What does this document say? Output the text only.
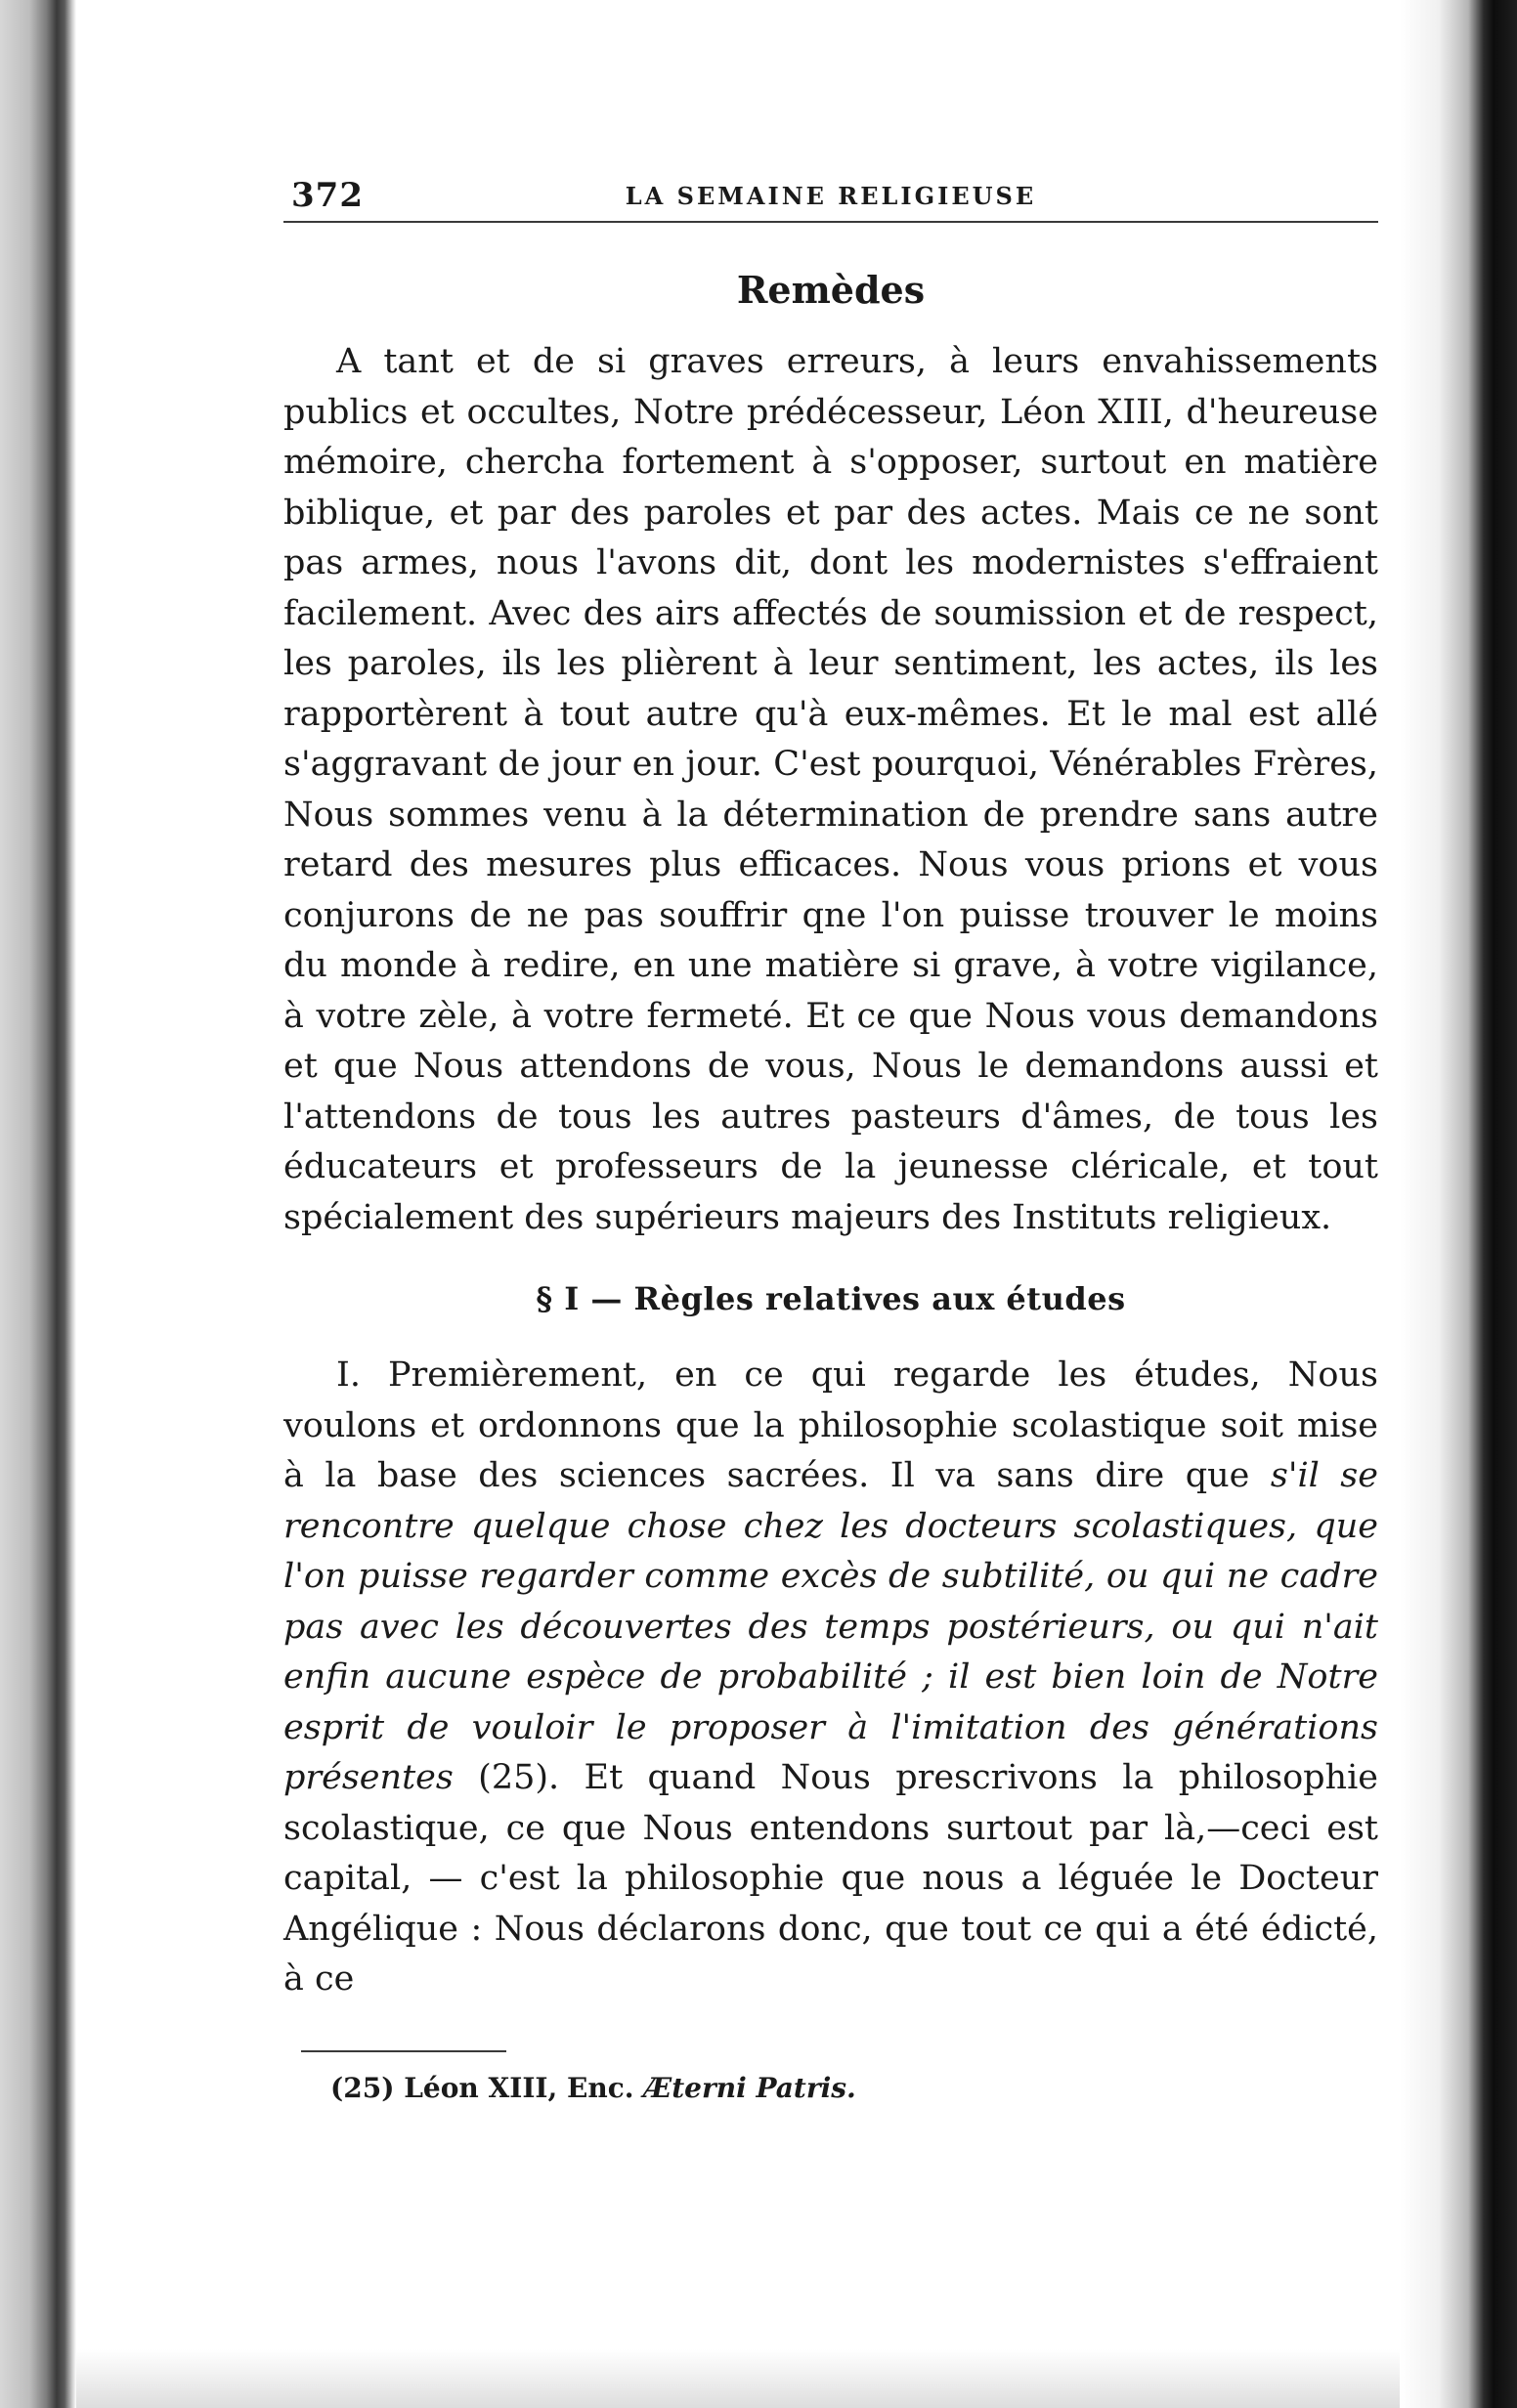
372	LA SEMAINE RELIGIEUSE
Remèdes

A tant et de si graves erreurs, à leurs envahissements publics et occultes, Notre prédécesseur, Léon XIII, d'heureuse mémoire, chercha fortement à s'opposer, surtout en matière biblique, et par des paroles et par des actes. Mais ce ne sont pas armes, nous l'avons dit, dont les modernistes s'effraient facilement. Avec des airs affectés de soumission et de respect, les paroles, ils les plièrent à leur sentiment, les actes, ils les rapportèrent à tout autre qu'à eux-mêmes. Et le mal est allé s'aggravant de jour en jour. C'est pourquoi, Vénérables Frères, Nous sommes venu à la détermination de prendre sans autre retard des mesures plus efficaces. Nous vous prions et vous conjurons de ne pas souffrir qne l'on puisse trouver le moins du monde à redire, en une matière si grave, à votre vigilance, à votre zèle, à votre fermeté. Et ce que Nous vous demandons et que Nous attendons de vous, Nous le demandons aussi et l'attendons de tous les autres pasteurs d'âmes, de tous les éducateurs et professeurs de la jeunesse cléricale, et tout spécialement des supérieurs majeurs des Instituts religieux.

§ I — Règles relatives aux études

I. Premièrement, en ce qui regarde les études, Nous voulons et ordonnons que la philosophie scolastique soit mise à la base des sciences sacrées. Il va sans dire que s'il se rencontre quelque chose chez les docteurs scolastiques, que l'on puisse regarder comme excès de subtilité, ou qui ne cadre pas avec les découvertes des temps postérieurs, ou qui n'ait enfin aucune espèce de probabilité ; il est bien loin de Notre esprit de vouloir le proposer à l'imitation des générations présentes (25). Et quand Nous prescrivons la philosophie scolastique, ce que Nous entendons surtout par là,—ceci est capital, — c'est la philosophie que nous a léguée le Docteur Angélique : Nous déclarons donc, que tout ce qui a été édicté, à ce

(25) Léon XIII, Enc. Æterni Patris.
